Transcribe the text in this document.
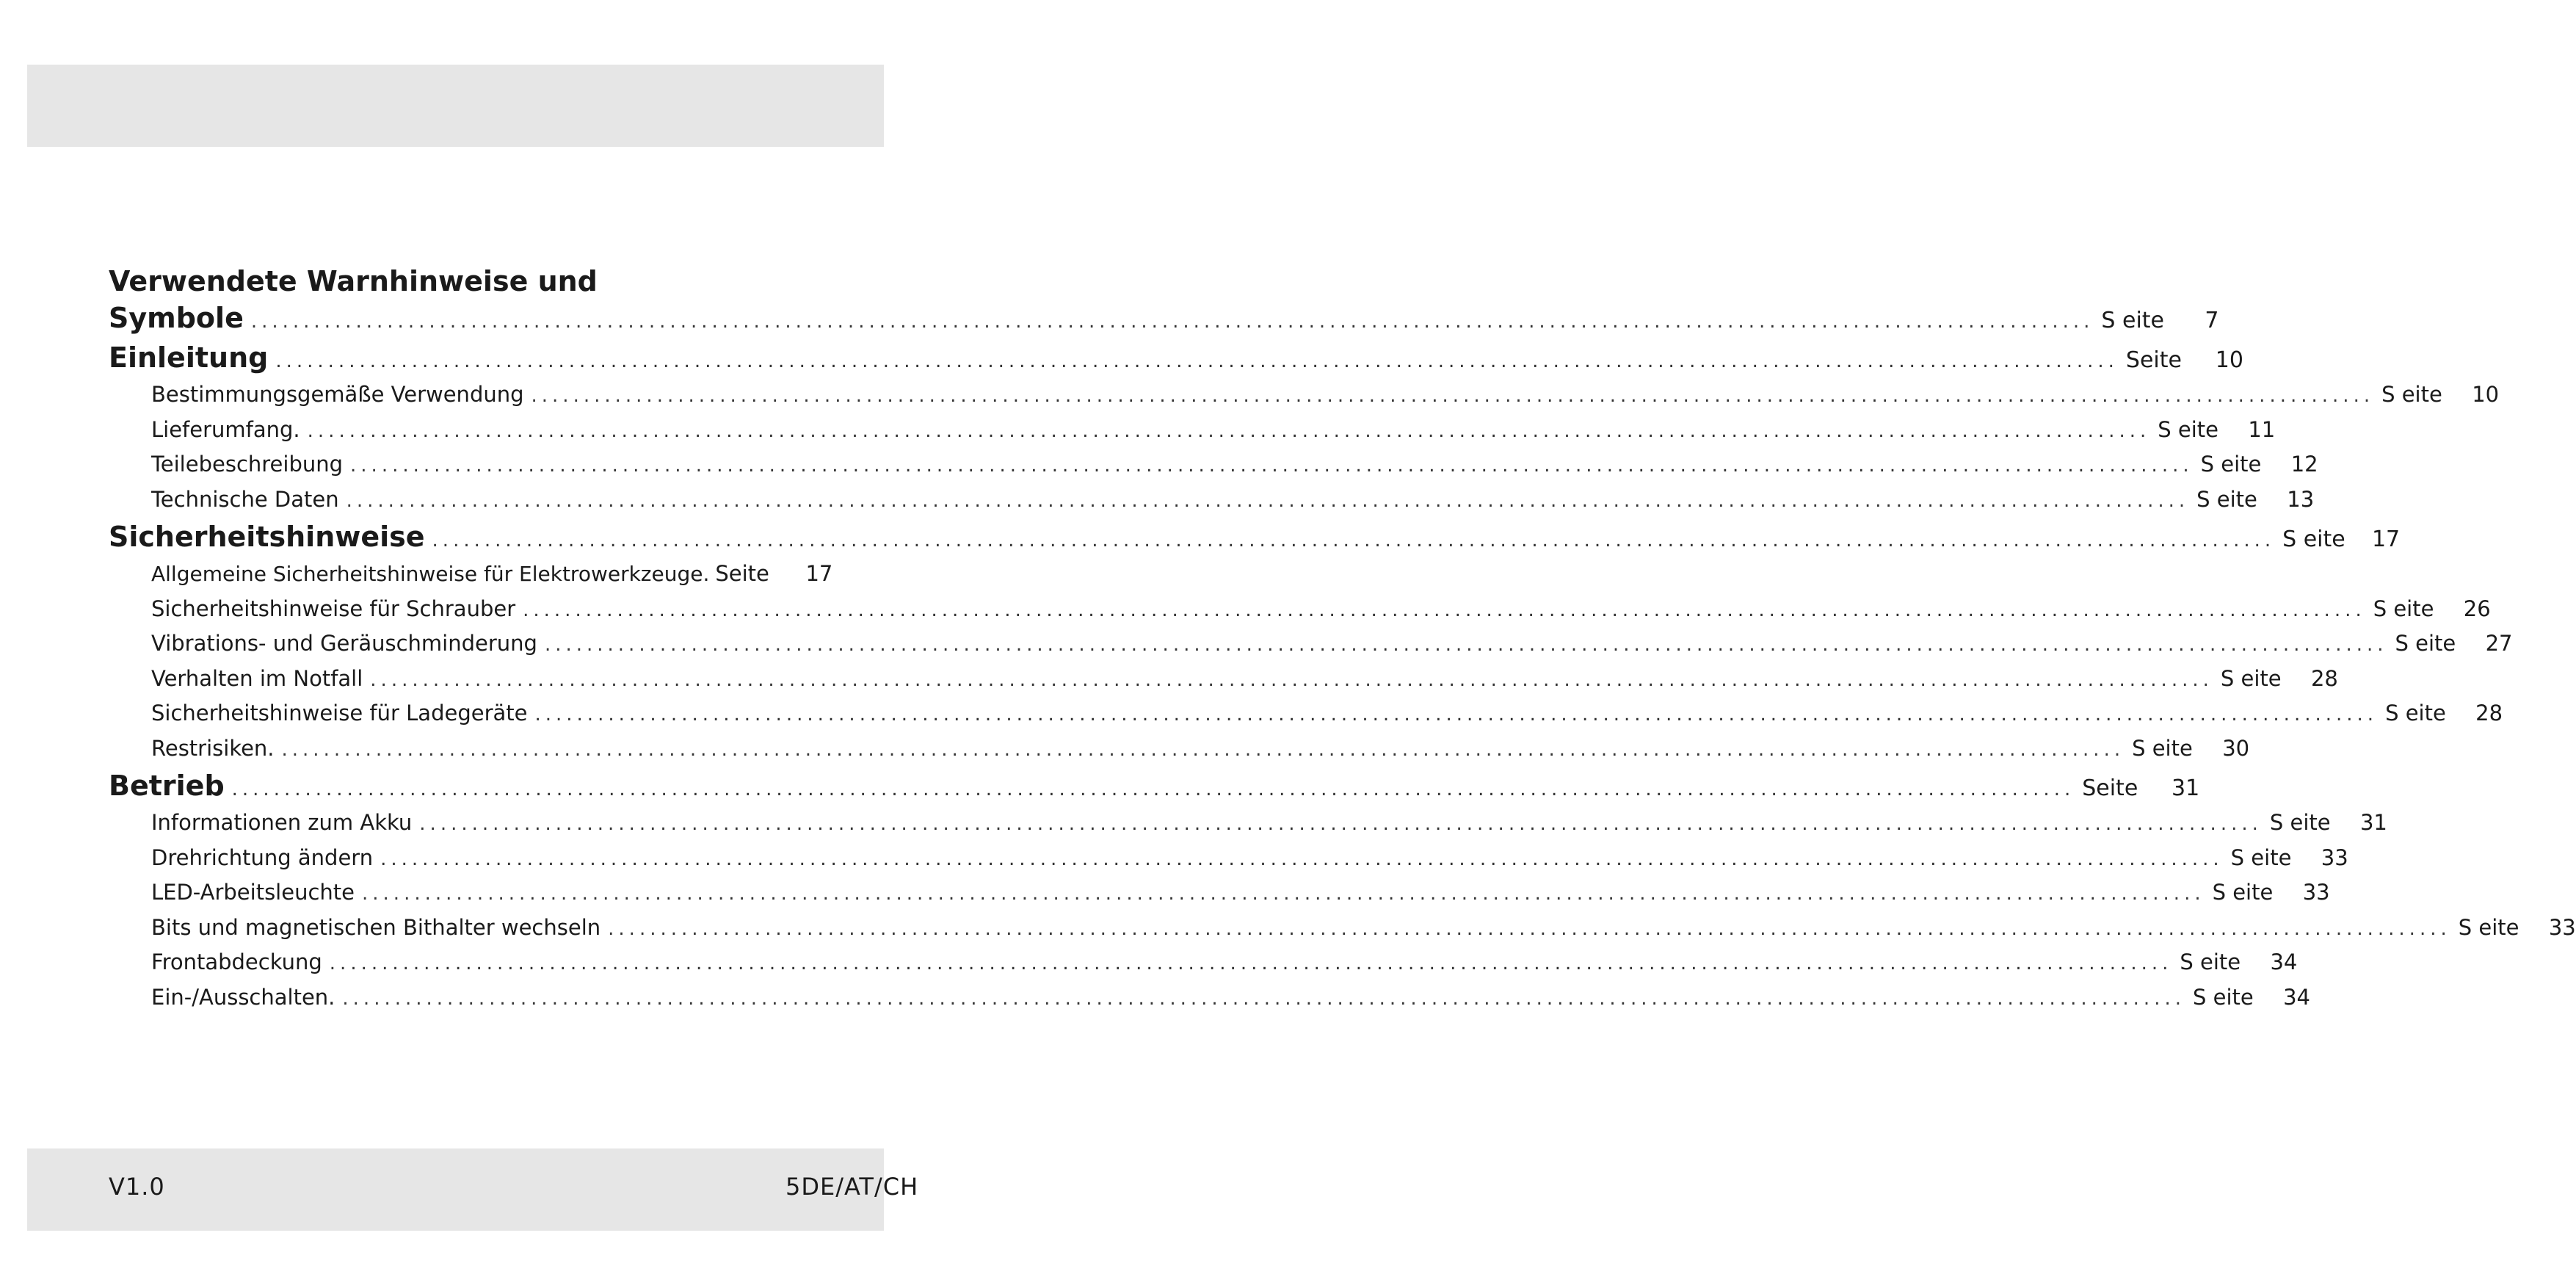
Verwendete Warnhinweise und
Symbole .....	S eite	7
Einleitung .....	Seite	10
Bestimmungsgemäße Verwendung .....	S eite	10
Lieferumfang. .....	S eite	11
Teilebeschreibung .....	S eite	12
Technische Daten .....	S eite	13
Sicherheitshinweise .....	S eite	17
Allgemeine Sicherheitshinweise für Elektrowerkzeuge. Seite	17
Sicherheitshinweise für Schrauber .....	S eite	26
Vibrations- und Geräuschminderung .....	S eite	27
Verhalten im Notfall .....	S eite	28
Sicherheitshinweise für Ladegeräte .....	S eite	28
Restrisiken. .....	S eite	30
Betrieb .....	Seite	31
Informationen zum Akku .....	S eite	31
Drehrichtung ändern .....	S eite	33
LED-Arbeitsleuchte .....	S eite	33
Bits und magnetischen Bithalter wechseln .....	S eite	33
Frontabdeckung .....	S eite	34
Ein-/Ausschalten. .....	S eite	34
V1.0	5DE/AT/CH
